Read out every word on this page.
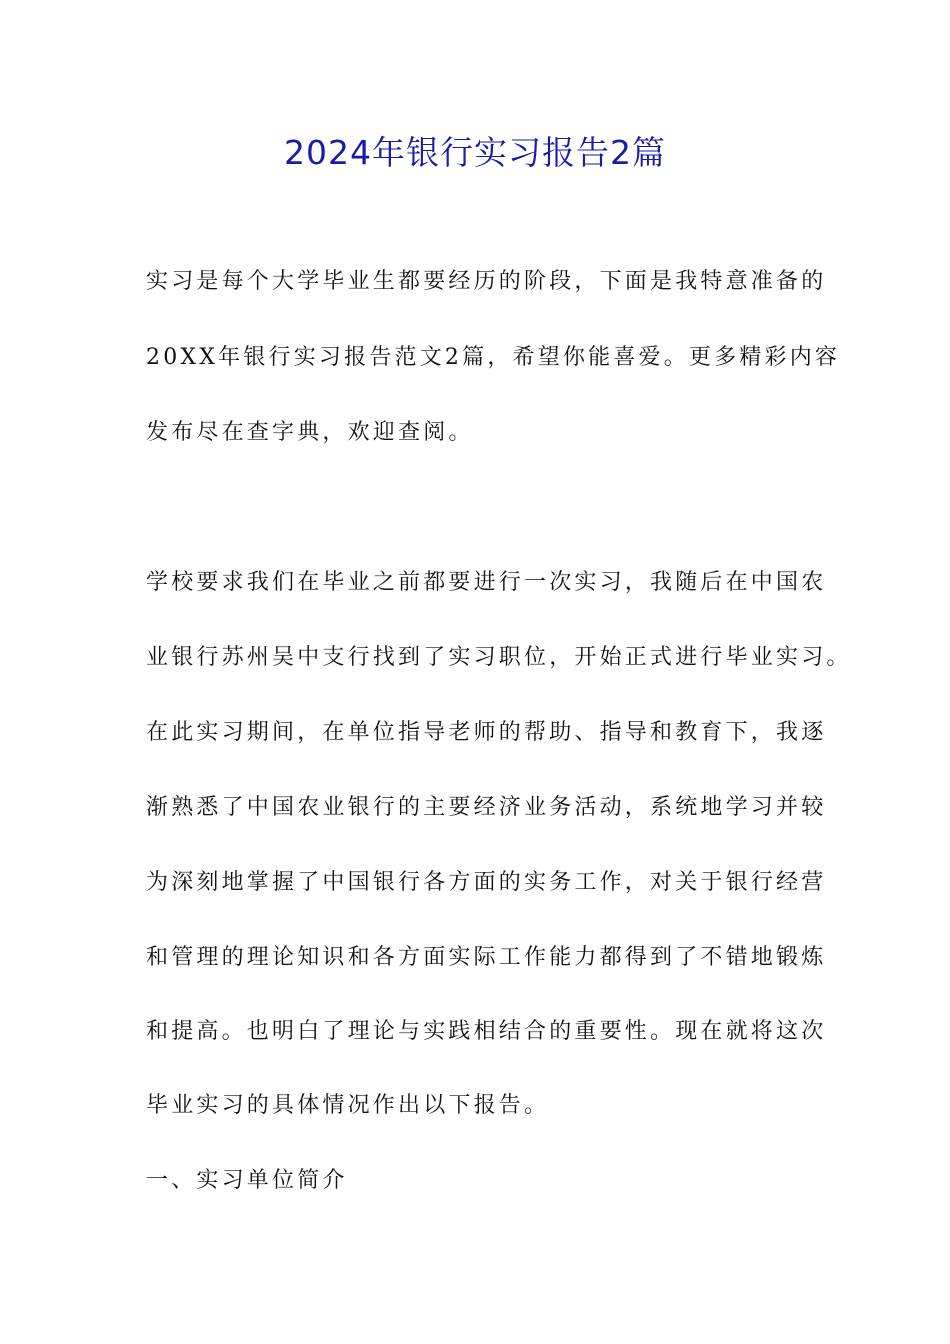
2024年银行实习报告2篇

实习是每个大学毕业生都要经历的阶段，下面是我特意准备的

20XX年银行实习报告范文2篇，希望你能喜爱。更多精彩内容

发布尽在查字典，欢迎查阅。

学校要求我们在毕业之前都要进行一次实习，我随后在中国农

业银行苏州吴中支行找到了实习职位，开始正式进行毕业实习。

在此实习期间，在单位指导老师的帮助、指导和教育下，我逐

渐熟悉了中国农业银行的主要经济业务活动，系统地学习并较

为深刻地掌握了中国银行各方面的实务工作，对关于银行经营

和管理的理论知识和各方面实际工作能力都得到了不错地锻炼

和提高。也明白了理论与实践相结合的重要性。现在就将这次

毕业实习的具体情况作出以下报告。

一、实习单位简介
